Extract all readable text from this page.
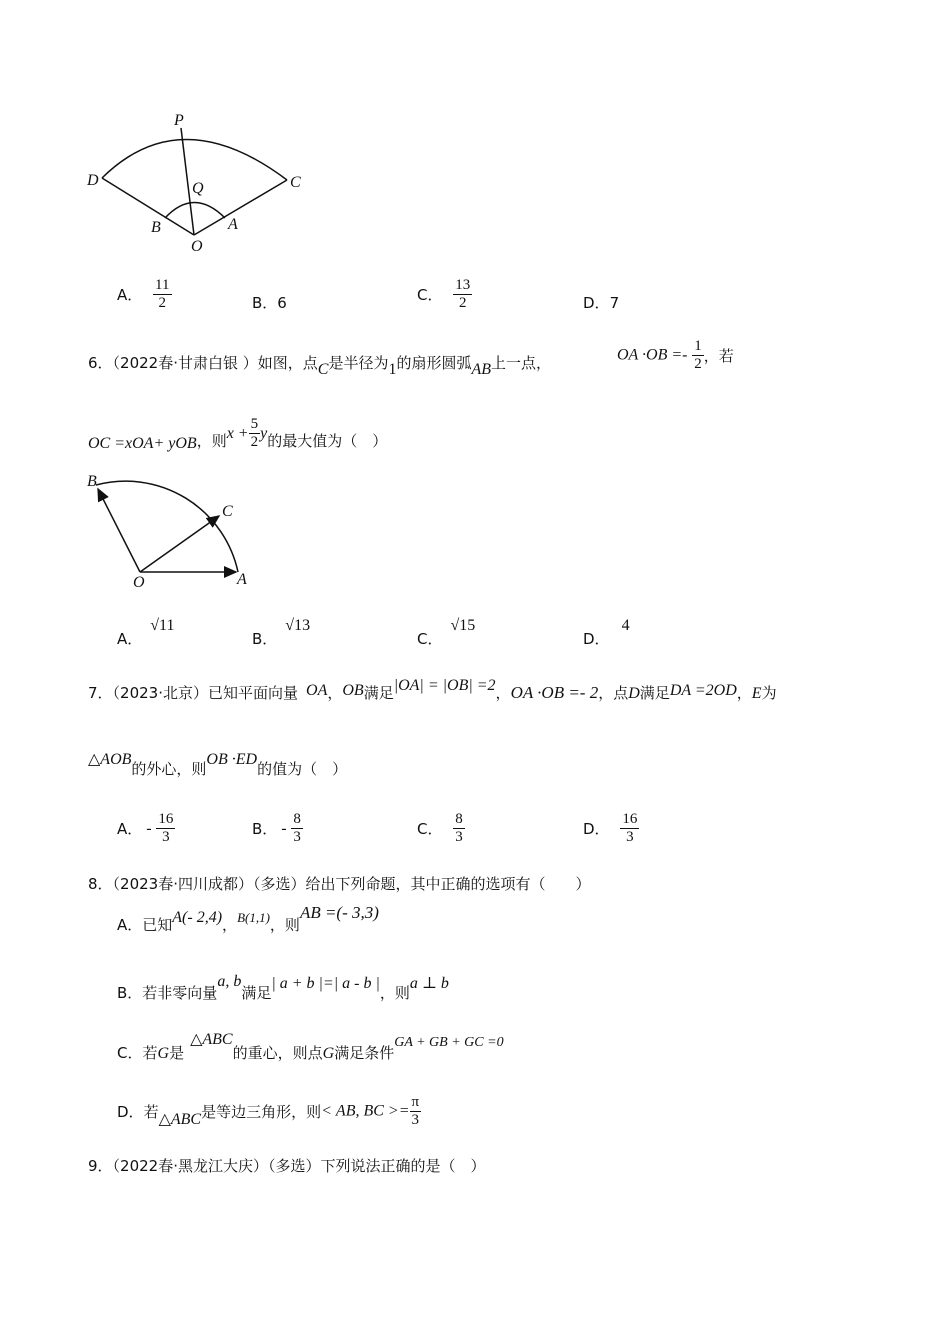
P
D	C
Q
B	A
O
A． $\frac{11}{2}$	B．6	C． $\frac{13}{2}$	D．7
6．（2022春·甘肃白银 ）如图，点C是半径为1的扇形圆弧AB上一点，	OA $\cdot OB =- \frac{1}{2}$ ，若
OC =xOA+ yOB，则$x + \frac{5}{2}$ y的最大值为（　）
B
C
O	A
A．√11
B．√13
C．√15
D．4
7．（2023·北京）已知平面向量 OA，OB满足|OA| = |OB| =2，OA ·OB =- 2，点D满足DA =2OD，E为
△AOB的外心，则OB ·ED的值为（　）
A． - $\frac{16}{3}$	B． - $\frac{8}{3}$	C． $\frac{8}{3}$	D． $\frac{16}{3}$
8．（2023春·四川成都）（多选）给出下列命题，其中正确的选项有（　　）
A．已知A(- 2,4)，B(1,1)，则AB =(- 3,3)
B．若非零向量a, b满足| a + b |=| a - b |，则a ⊥ b
C．若G是△ABC的重心，则点G满足条件GA + GB + GC =0
D．若△ABC是等边三角形，则< AB, BC >= $\frac{\pi}{3}$
9．（2022春·黑龙江大庆）（多选）下列说法正确的是（　）
